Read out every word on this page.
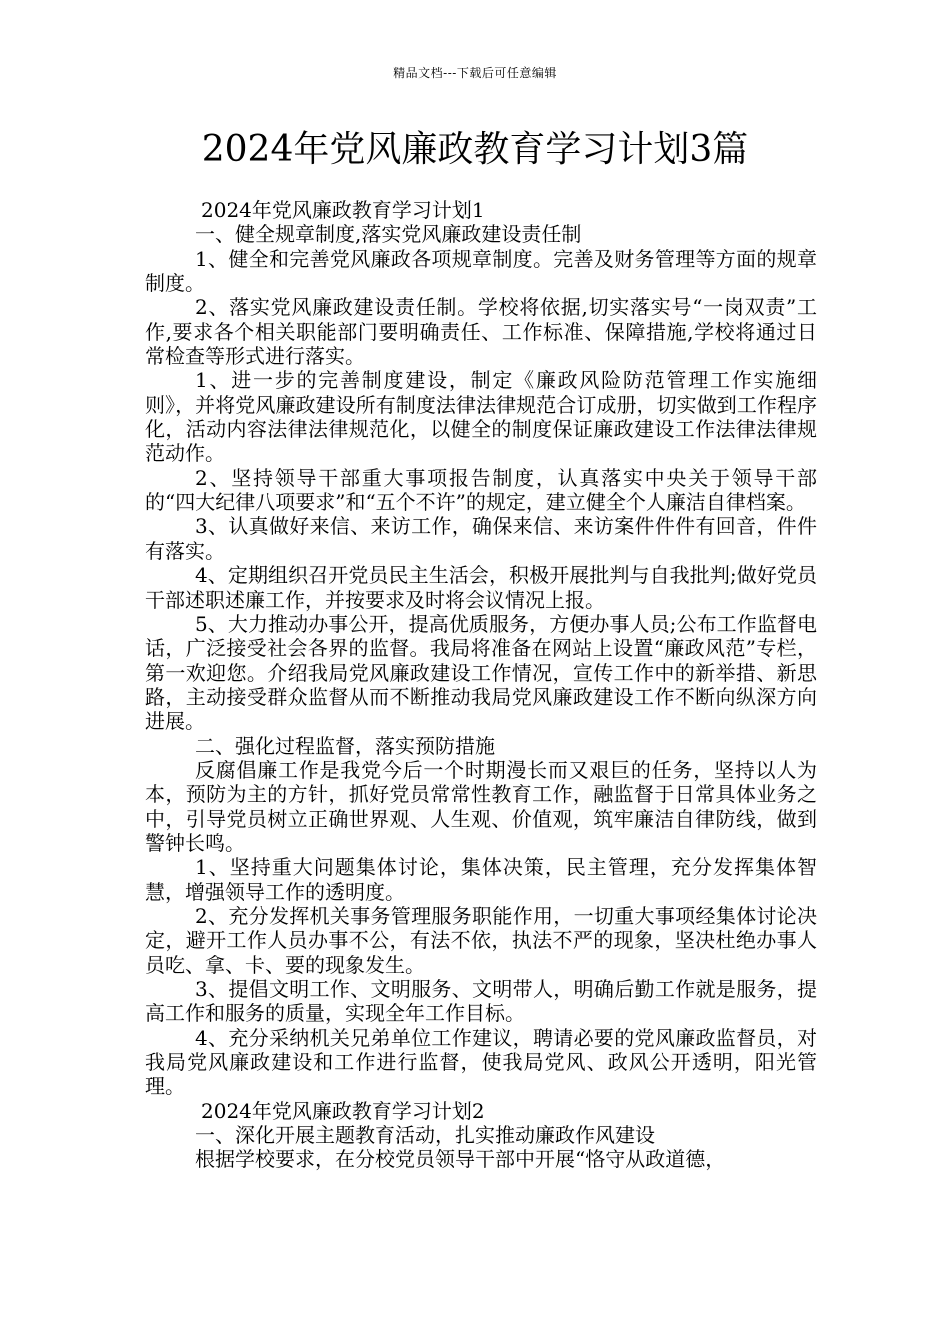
精品文档---下载后可任意编辑
2024年党风廉政教育学习计划3篇

2024年党风廉政教育学习计划1

一、健全规章制度,落实党风廉政建设责任制

1、健全和完善党风廉政各项规章制度。完善及财务管理等方面的规章制度。

2、落实党风廉政建设责任制。学校将依据,切实落实号“一岗双责”工作,要求各个相关职能部门要明确责任、工作标准、保障措施,学校将通过日常检查等形式进行落实。

1、进一步的完善制度建设，制定《廉政风险防范管理工作实施细则》，并将党风廉政建设所有制度法律法律规范合订成册，切实做到工作程序化，活动内容法律法律规范化，以健全的制度保证廉政建设工作法律法律规范动作。

2、坚持领导干部重大事项报告制度，认真落实中央关于领导干部的“四大纪律八项要求”和“五个不许”的规定，建立健全个人廉洁自律档案。

3、认真做好来信、来访工作，确保来信、来访案件件件有回音，件件有落实。

4、定期组织召开党员民主生活会，积极开展批判与自我批判;做好党员干部述职述廉工作，并按要求及时将会议情况上报。

5、大力推动办事公开，提高优质服务，方便办事人员;公布工作监督电话，广泛接受社会各界的监督。我局将准备在网站上设置“廉政风范”专栏，第一欢迎您。介绍我局党风廉政建设工作情况，宣传工作中的新举措、新思路，主动接受群众监督从而不断推动我局党风廉政建设工作不断向纵深方向进展。

二、强化过程监督，落实预防措施

反腐倡廉工作是我党今后一个时期漫长而又艰巨的任务，坚持以人为本，预防为主的方针，抓好党员常常性教育工作，融监督于日常具体业务之中，引导党员树立正确世界观、人生观、价值观，筑牢廉洁自律防线，做到警钟长鸣。

1、坚持重大问题集体讨论，集体决策，民主管理，充分发挥集体智慧，增强领导工作的透明度。

2、充分发挥机关事务管理服务职能作用，一切重大事项经集体讨论决定，避开工作人员办事不公，有法不依，执法不严的现象，坚决杜绝办事人员吃、拿、卡、要的现象发生。

3、提倡文明工作、文明服务、文明带人，明确后勤工作就是服务，提高工作和服务的质量，实现全年工作目标。

4、充分采纳机关兄弟单位工作建议，聘请必要的党风廉政监督员，对我局党风廉政建设和工作进行监督，使我局党风、政风公开透明，阳光管理。

2024年党风廉政教育学习计划2

一、深化开展主题教育活动，扎实推动廉政作风建设

根据学校要求，在分校党员领导干部中开展“恪守从政道德，
